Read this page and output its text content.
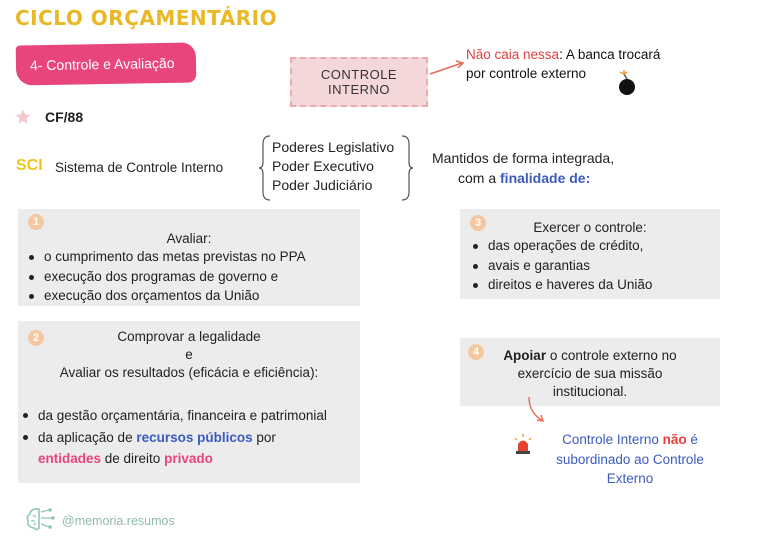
CICLO ORÇAMENTÁRIO
4- Controle e Avaliação
CONTROLE
INTERNO
Não caia nessa: A banca trocará
por controle externo
CF/88
SCI Sistema de Controle Interno
Poderes Legislativo
Poder Executivo
Poder Judiciário
Mantidos de forma integrada,
com a finalidade de:
1
Avaliar:
o cumprimento das metas previstas no PPA
execução dos programas de governo e
execução dos orçamentos da União
2	Comprovar a legalidade
e
Avaliar os resultados (eficácia e eficiência):
da gestão orçamentária, financeira e patrimonial
da aplicação de recursos públicos por
entidades de direito privado
3	Exercer o controle:
das operações de crédito,
avais e garantias
direitos e haveres da União
4	Apoiar o controle externo no
exercício de sua missão
institucional.
Controle Interno não é
subordinado ao Controle
Externo
@memoria.resumos
